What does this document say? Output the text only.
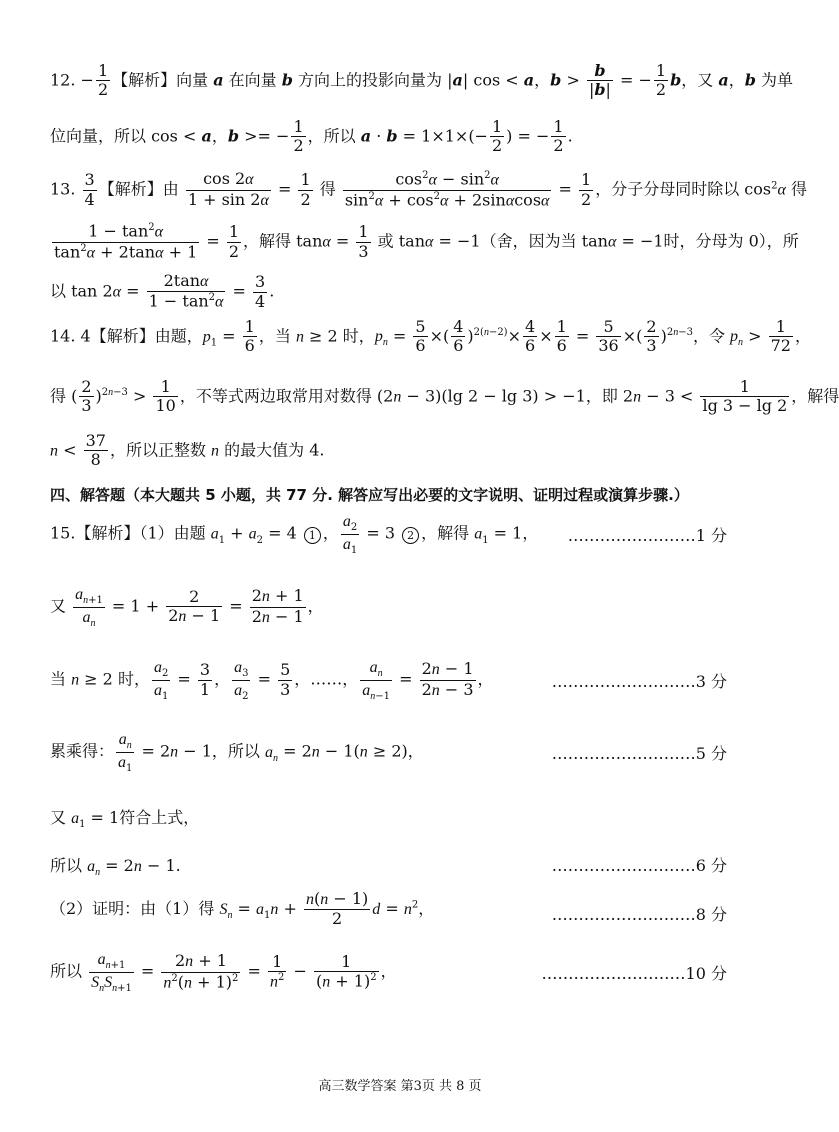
12. − $\frac{1}{2}$ 【解析】向量 a 在向量 b 方向上的投影向量为 |a| cos < a，$b > \frac{b}{|b|}$ = − $\frac{1}{2}$ b，又 a，b 为单
位向量，所以 cos < a，b >= − $\frac{1}{2}$ ，所以 $a \cdot b = 1\times 1\times(- \frac{1}{2}$ ) = − $\frac{1}{2}$ .
13. $\frac{3}{4}$ 【解析】由 $\frac{\cos 2\alpha}{1 + \sin 2\alpha} = \frac{1}{2}$ 得 $\frac{\cos^2\alpha - \sin^2\alpha}{\sin^2\alpha + \cos^2\alpha + 2\sin\alpha\cos\alpha} = \frac{1}{2}$ ，分子分母同时除以 $\cos^2\alpha$ 得
$\frac{1 - \tan^2\alpha}{\tan^2\alpha + 2\tan\alpha + 1} = \frac{1}{2}$ ，解得 $\tan\alpha = \frac{1}{3}$ 或 tanα = −1（舍，因为当 tanα = −1时，分母为 0），所
以 $\tan 2\alpha = \frac{2\tan\alpha}{1 - \tan^2\alpha} = \frac{3}{4}$ .
14. 4【解析】由题，$p_1 = \frac{1}{6}$ ，当 n ≥ 2 时，$p_n = \frac{5}{6}$ ×( $\frac{4}{6} )^{2(n-2)}\times \frac{4}{6} \times \frac{1}{6} = \frac{5}{36}$ ×( $\frac{2}{3} )^{2n-3}$，令 $p_n > \frac{1}{72}$ ，
得 ( $\frac{2}{3} )^{2n-3} > \frac{1}{10}$ ，不等式两边取常用对数得 (2n − 3)(lg 2 − lg 3) > −1，即 $2n - 3 < \frac{1}{\lg 3 - \lg 2}$ ，解得
$n < \frac{37}{8}$ ，所以正整数 n 的最大值为 4.
四、解答题（本大题共 5 小题，共 77 分. 解答应写出必要的文字说明、证明过程或演算步骤.）
15.【解析】（1）由题 $a_1 + a_2 = 4$ 1 ， $\frac{a_2}{a_1} = 3$ 2 ，解得 $a_1 = 1$， ……………………1 分
又 $\frac{a_{n+1}}{a_n} = 1 + \frac{2}{2n - 1} = \frac{2n + 1}{2n - 1}$ ，
当 n ≥ 2 时， $\frac{a_2}{a_1} = \frac{3}{1}$ ， $\frac{a_3}{a_2} = \frac{5}{3}$ ，……， $\frac{a_n}{a_{n-1}} = \frac{2n - 1}{2n - 3}$ ，	………………………3 分
累乘得： $\frac{a_n}{a_1} = 2n - 1$，所以 $a_n = 2n - 1(n \ge 2)$，	………………………5 分
又 $a_1 = 1$符合上式，
所以 $a_n = 2n - 1$.	………………………6 分
（2）证明：由（1）得 $S_n = a_1n + \frac{n(n - 1)}{2}$ $d = n^2$，	………………………8 分
所以
$a_{n+1}$
$S_nS_{n+1}$
= $\frac{2n + 1}{n^2(n + 1)^2} = \frac{1}{n^2} - \frac{1}{(n + 1)^2}$ ，	………………………10 分
高三数学答案 第3页 共 8 页
